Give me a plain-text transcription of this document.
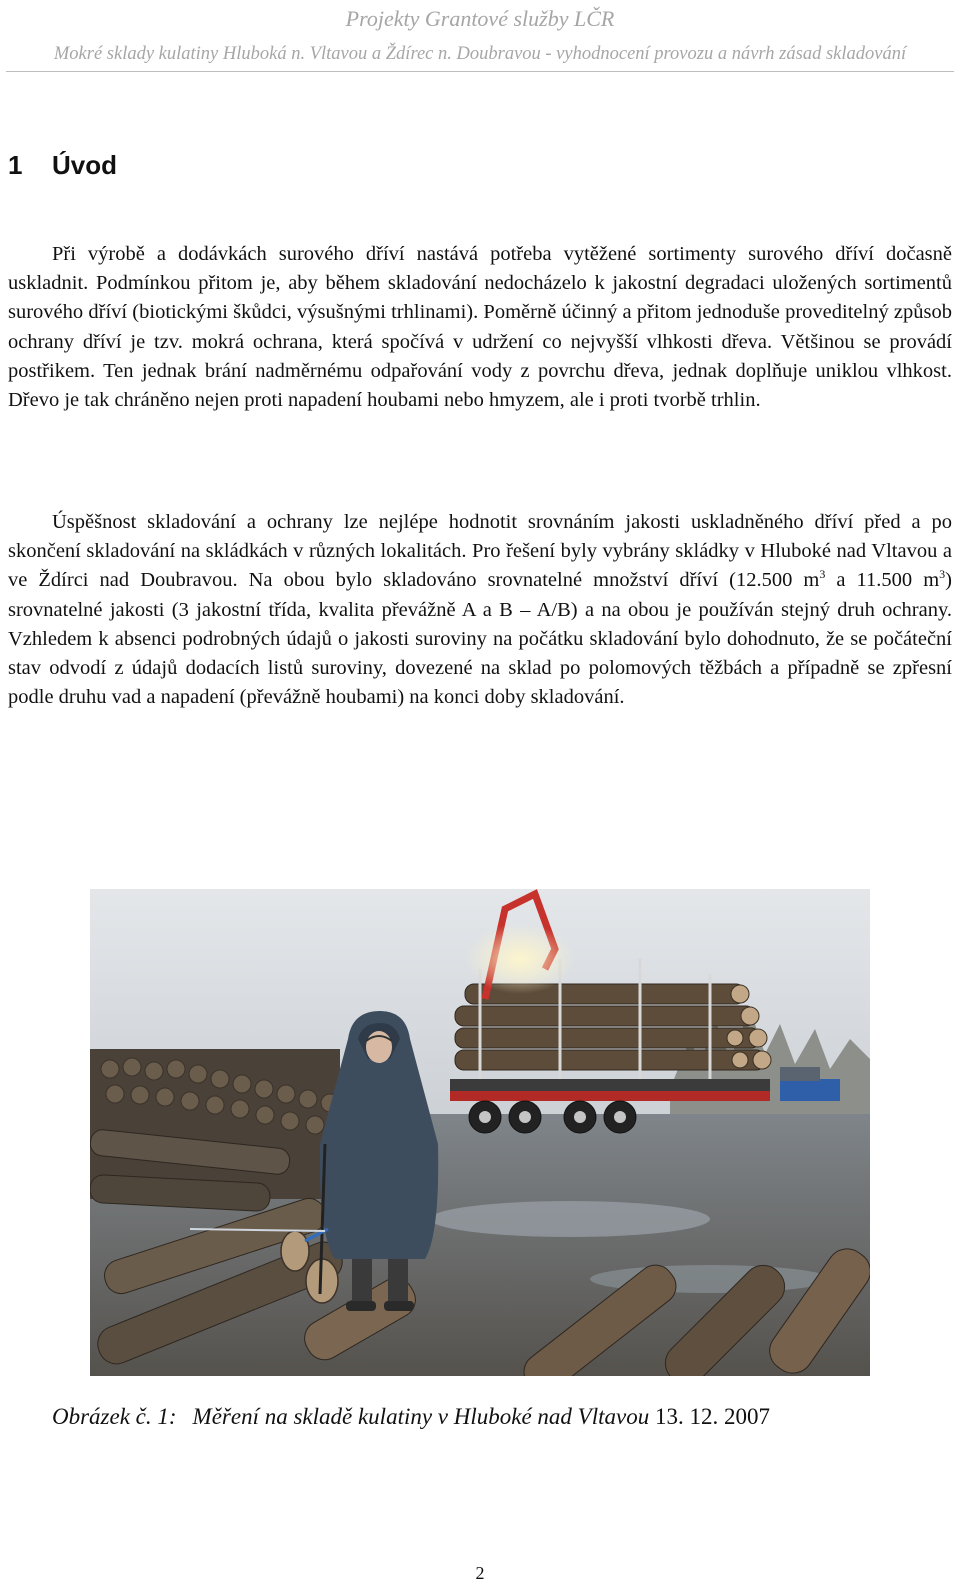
Projekty Grantové služby LČR
Mokré sklady kulatiny Hluboká n. Vltavou a Ždírec n. Doubravou - vyhodnocení provozu a návrh zásad skladování
1 Úvod
Při výrobě a dodávkách surového dříví nastává potřeba vytěžené sortimenty surového dříví dočasně uskladnit. Podmínkou přitom je, aby během skladování nedocházelo k jakostní degradaci uložených sortimentů surového dříví (biotickými škůdci, výsušnými trhlinami). Poměrně účinný a přitom jednoduše proveditelný způsob ochrany dříví je tzv. mokrá ochrana, která spočívá v udržení co nejvyšší vlhkosti dřeva. Většinou se provádí postřikem. Ten jednak brání nadměrnému odpařování vody z povrchu dřeva, jednak doplňuje uniklou vlhkost. Dřevo je tak chráněno nejen proti napadení houbami nebo hmyzem, ale i proti tvorbě trhlin.
Úspěšnost skladování a ochrany lze nejlépe hodnotit srovnáním jakosti uskladněného dříví před a po skončení skladování na skládkách v různých lokalitách. Pro řešení byly vybrány skládky v Hluboké nad Vltavou a ve Ždírci nad Doubravou. Na obou bylo skladováno srovnatelné množství dříví (12.500 $m^3$ a 11.500 $m^3$) srovnatelné jakosti (3 jakostní třída, kvalita převážně A a B – A/B) a na obou je používán stejný druh ochrany. Vzhledem k absenci podrobných údajů o jakosti suroviny na počátku skladování bylo dohodnuto, že se počáteční stav odvodí z údajů dodacích listů suroviny, dovezené na sklad po polomových těžbách a případně se zpřesní podle druhu vad a napadení (převážně houbami) na konci doby skladování.
Obrázek č. 1: Měření na skladě kulatiny v Hluboké nad Vltavou 13. 12. 2007
2
